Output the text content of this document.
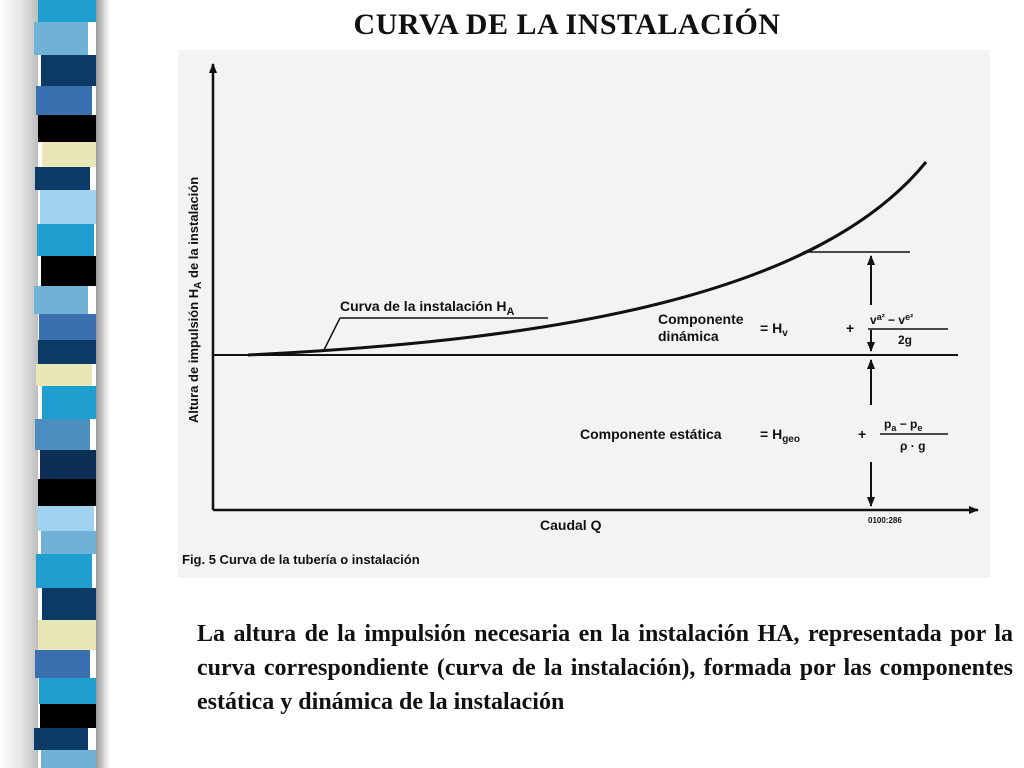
CURVA DE LA INSTALACIÓN
Altura de impulsión $H_A$ de la instalación
Curva de la instalación $H_A$	Componente
dinámica	= $H_v$	+ $v^{a^2} - v^{e^2}$
2g
Componente estática	= $H_{geo}$	+
$p_a - p_e$
ρ · g
Caudal Q	0100:286
Fig. 5 Curva de la tubería o instalación

La altura de la impulsión necesaria en la instalación HA, representada por la curva correspondiente (curva de la instalación), formada por las componentes estática y dinámica de la instalación
